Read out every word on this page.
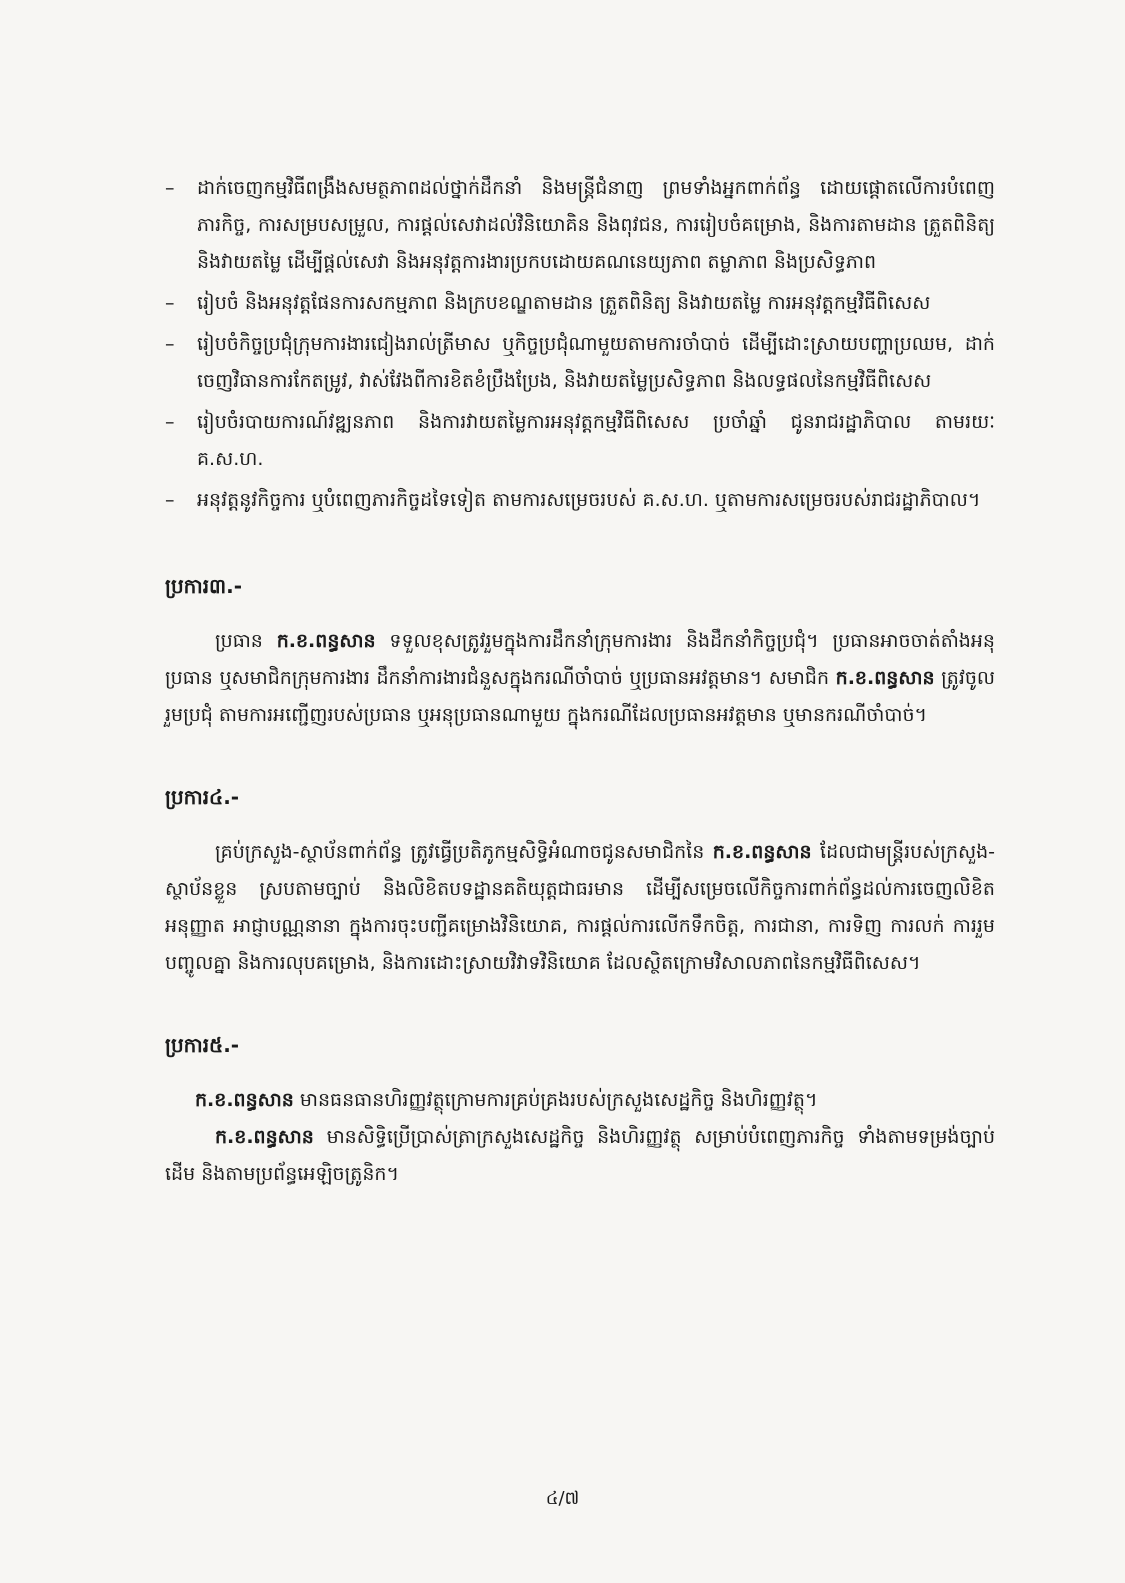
– ដាក់ចេញកម្មវិធីពង្រឹងសមត្ថភាពដល់ថ្នាក់ដឹកនាំ និងមន្ត្រីជំនាញ ព្រមទាំងអ្នកពាក់ព័ន្ធ ដោយផ្ដោតលើការបំពេញភារកិច្ច, ការសម្របសម្រួល, ការផ្ដល់សេវាដល់វិនិយោគិន និងពុវជន, ការរៀបចំគម្រោង, និងការតាមដាន ត្រួតពិនិត្យ និងវាយតម្លៃ ដើម្បីផ្ដល់សេវា និងអនុវត្តការងារប្រកបដោយគណនេយ្យភាព តម្លាភាព និងប្រសិទ្ធភាព
– រៀបចំ និងអនុវត្តផែនការសកម្មភាព និងក្របខណ្ឌតាមដាន ត្រួតពិនិត្យ និងវាយតម្លៃ ការអនុវត្តកម្មវិធីពិសេស
– រៀបចំកិច្ចប្រជុំក្រុមការងារជៀងរាល់ត្រីមាស ឬកិច្ចប្រជុំណាមួយតាមការចាំបាច់ ដើម្បីដោះស្រាយបញ្ហាប្រឈម, ដាក់ចេញវិធានការកែតម្រូវ, វាស់វែងពីការខិតខំប្រឹងប្រែង, និងវាយតម្លៃប្រសិទ្ធភាព និងលទ្ធផលនៃកម្មវិធីពិសេស
– រៀបចំរបាយការណ៍វឌ្ឍនភាព និងការវាយតម្លៃការអនុវត្តកម្មវិធីពិសេស ប្រចាំឆ្នាំ ជូនរាជរដ្ឋាភិបាល តាមរយៈ គ.ស.ហ.
– អនុវត្តនូវកិច្ចការ ឬបំពេញភារកិច្ចដទៃទៀត តាមការសម្រេចរបស់ គ.ស.ហ. ឬតាមការសម្រេចរបស់រាជរដ្ឋាភិបាល។

ប្រការ៣.-

ប្រធាន ក.ខ.ពន្ធសាន ទទួលខុសត្រូវរួមក្នុងការដឹកនាំក្រុមការងារ និងដឹកនាំកិច្ចប្រជុំ។ ប្រធានអាចចាត់តាំងអនុប្រធាន ឬសមាជិកក្រុមការងារ ដឹកនាំការងារជំនួសក្នុងករណីចាំបាច់ ឬប្រធានអវត្តមាន។ សមាជិក ក.ខ.ពន្ធសាន ត្រូវចូលរួមប្រជុំ តាមការអញ្ជើញរបស់ប្រធាន ឬអនុប្រធានណាមួយ ក្នុងករណីដែលប្រធានអវត្តមាន ឬមានករណីចាំបាច់។

ប្រការ៤.-

គ្រប់ក្រសួង-ស្ថាប័នពាក់ព័ន្ធ ត្រូវធ្វើប្រតិភូកម្មសិទ្ធិអំណាចជូនសមាជិកនៃ ក.ខ.ពន្ធសាន ដែលជាមន្ត្រីរបស់ក្រសួង-ស្ថាប័នខ្លួន ស្របតាមច្បាប់ និងលិខិតបទដ្ឋានគតិយុត្តជាធរមាន ដើម្បីសម្រេចលើកិច្ចការពាក់ព័ន្ធដល់ការចេញលិខិតអនុញ្ញាត អាជ្ញាបណ្ណនានា ក្នុងការចុះបញ្ជីគម្រោងវិនិយោគ, ការផ្ដល់ការលើកទឹកចិត្ត, ការជានា, ការទិញ ការលក់ ការរួមបញ្ចូលគ្នា និងការលុបគម្រោង, និងការដោះស្រាយវិវាទវិនិយោគ ដែលស្ថិតក្រោមវិសាលភាពនៃកម្មវិធីពិសេស។

ប្រការ៥.-

ក.ខ.ពន្ធសាន មានធនធានហិរញ្ញវត្ថុក្រោមការគ្រប់គ្រងរបស់ក្រសួងសេដ្ឋកិច្ច និងហិរញ្ញវត្ថុ។

ក.ខ.ពន្ធសាន មានសិទ្ធិប្រើប្រាស់ត្រាក្រសួងសេដ្ឋកិច្ច និងហិរញ្ញវត្ថុ សម្រាប់បំពេញភារកិច្ច ទាំងតាមទម្រង់ច្បាប់ដើម និងតាមប្រព័ន្ធអេឡិចត្រូនិក។

៤/៧
